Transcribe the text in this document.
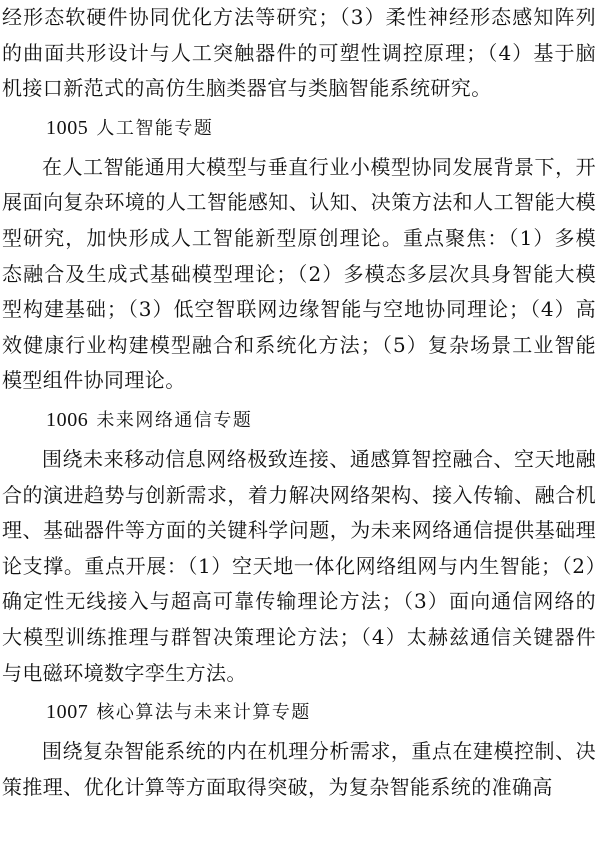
经形态软硬件协同优化方法等研究；（3）柔性神经形态感知阵列的曲面共形设计与人工突触器件的可塑性调控原理；（4）基于脑机接口新范式的高仿生脑类器官与类脑智能系统研究。

1005 人工智能专题

在人工智能通用大模型与垂直行业小模型协同发展背景下，开展面向复杂环境的人工智能感知、认知、决策方法和人工智能大模型研究，加快形成人工智能新型原创理论。重点聚焦：（1）多模态融合及生成式基础模型理论；（2）多模态多层次具身智能大模型构建基础；（3）低空智联网边缘智能与空地协同理论；（4）高效健康行业构建模型融合和系统化方法；（5）复杂场景工业智能模型组件协同理论。

1006 未来网络通信专题

围绕未来移动信息网络极致连接、通感算智控融合、空天地融合的演进趋势与创新需求，着力解决网络架构、接入传输、融合机理、基础器件等方面的关键科学问题，为未来网络通信提供基础理论支撑。重点开展：（1）空天地一体化网络组网与内生智能；（2）确定性无线接入与超高可靠传输理论方法；（3）面向通信网络的大模型训练推理与群智决策理论方法；（4）太赫兹通信关键器件与电磁环境数字孪生方法。

1007 核心算法与未来计算专题

围绕复杂智能系统的内在机理分析需求，重点在建模控制、决策推理、优化计算等方面取得突破，为复杂智能系统的准确高
